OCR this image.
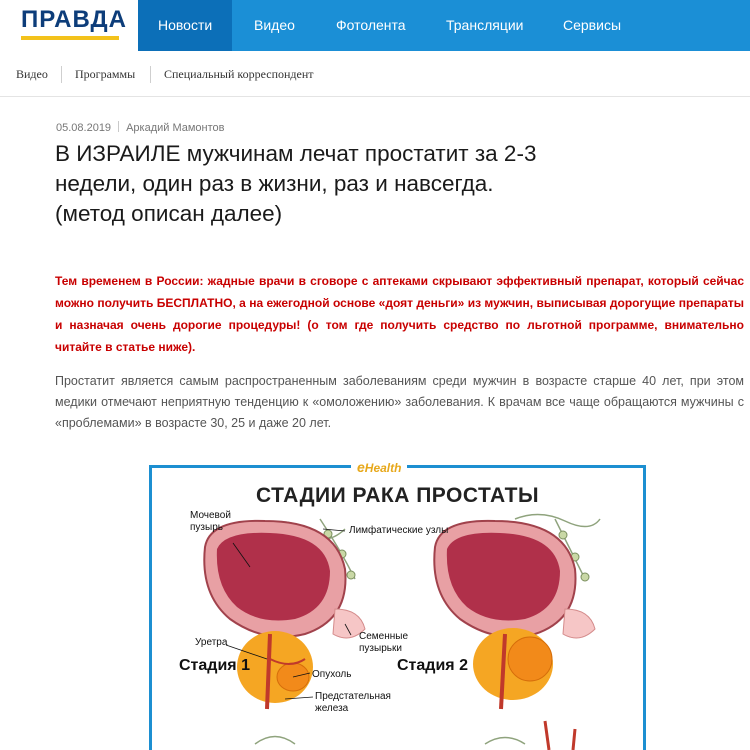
ПРАВДА	Новости	Видео	Фотолента	Трансляции	Сервисы
Видео Программы Специальный корреспондент
05.08.2019 Аркадий Мамонтов
В ИЗРАИЛЕ мужчинам лечат простатит за 2-3
недели, один раз в жизни, раз и навсегда.
(метод описан далее)

Тем временем в России: жадные врачи в сговоре с аптеками скрывают эффективный препарат, который сейчас можно получить БЕСПЛАТНО, а на ежегодной основе «доят деньги» из мужчин, выписывая дорогущие препараты и назначая очень дорогие процедуры! (о том где получить средство по льготной программе, внимательно читайте в статье ниже).

Простатит является самым распространенным заболеваниям среди мужчин в возрасте старше 40 лет, при этом медики отмечают неприятную тенденцию к «омоложению» заболевания. К врачам все чаще обращаются мужчины с «проблемами» в возрасте 30, 25 и даже 20 лет.

eHealth
СТАДИИ РАКА ПРОСТАТЫ
Мочевой
пузырь	Лимфатические узлы
Семенные
пузырьки
Уретра
Опухоль
Предстательная
железа
Стадия 1	Стадия 2
